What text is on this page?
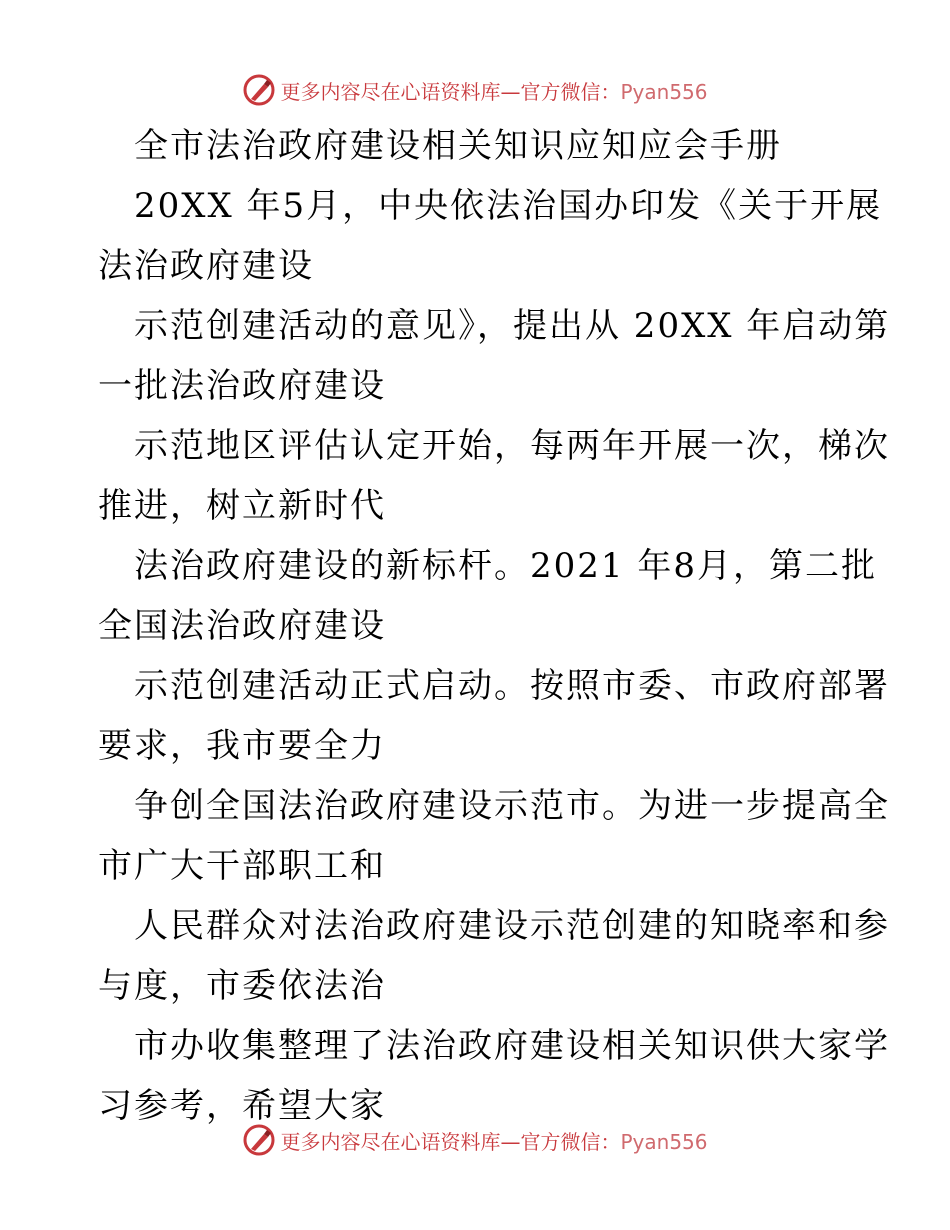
更多内容尽在心语资料库—官方微信：Pyan556
全市法治政府建设相关知识应知应会手册
20XX 年5月，中央依法治国办印发《关于开展
法治政府建设
示范创建活动的意见》，提出从 20XX 年启动第
一批法治政府建设
示范地区评估认定开始，每两年开展一次，梯次
推进，树立新时代
法治政府建设的新标杆。2021 年8月，第二批
全国法治政府建设
示范创建活动正式启动。按照市委、市政府部署
要求，我市要全力
争创全国法治政府建设示范市。为进一步提高全
市广大干部职工和
人民群众对法治政府建设示范创建的知晓率和参
与度，市委依法治
市办收集整理了法治政府建设相关知识供大家学
习参考，希望大家
更多内容尽在心语资料库—官方微信：Pyan556
